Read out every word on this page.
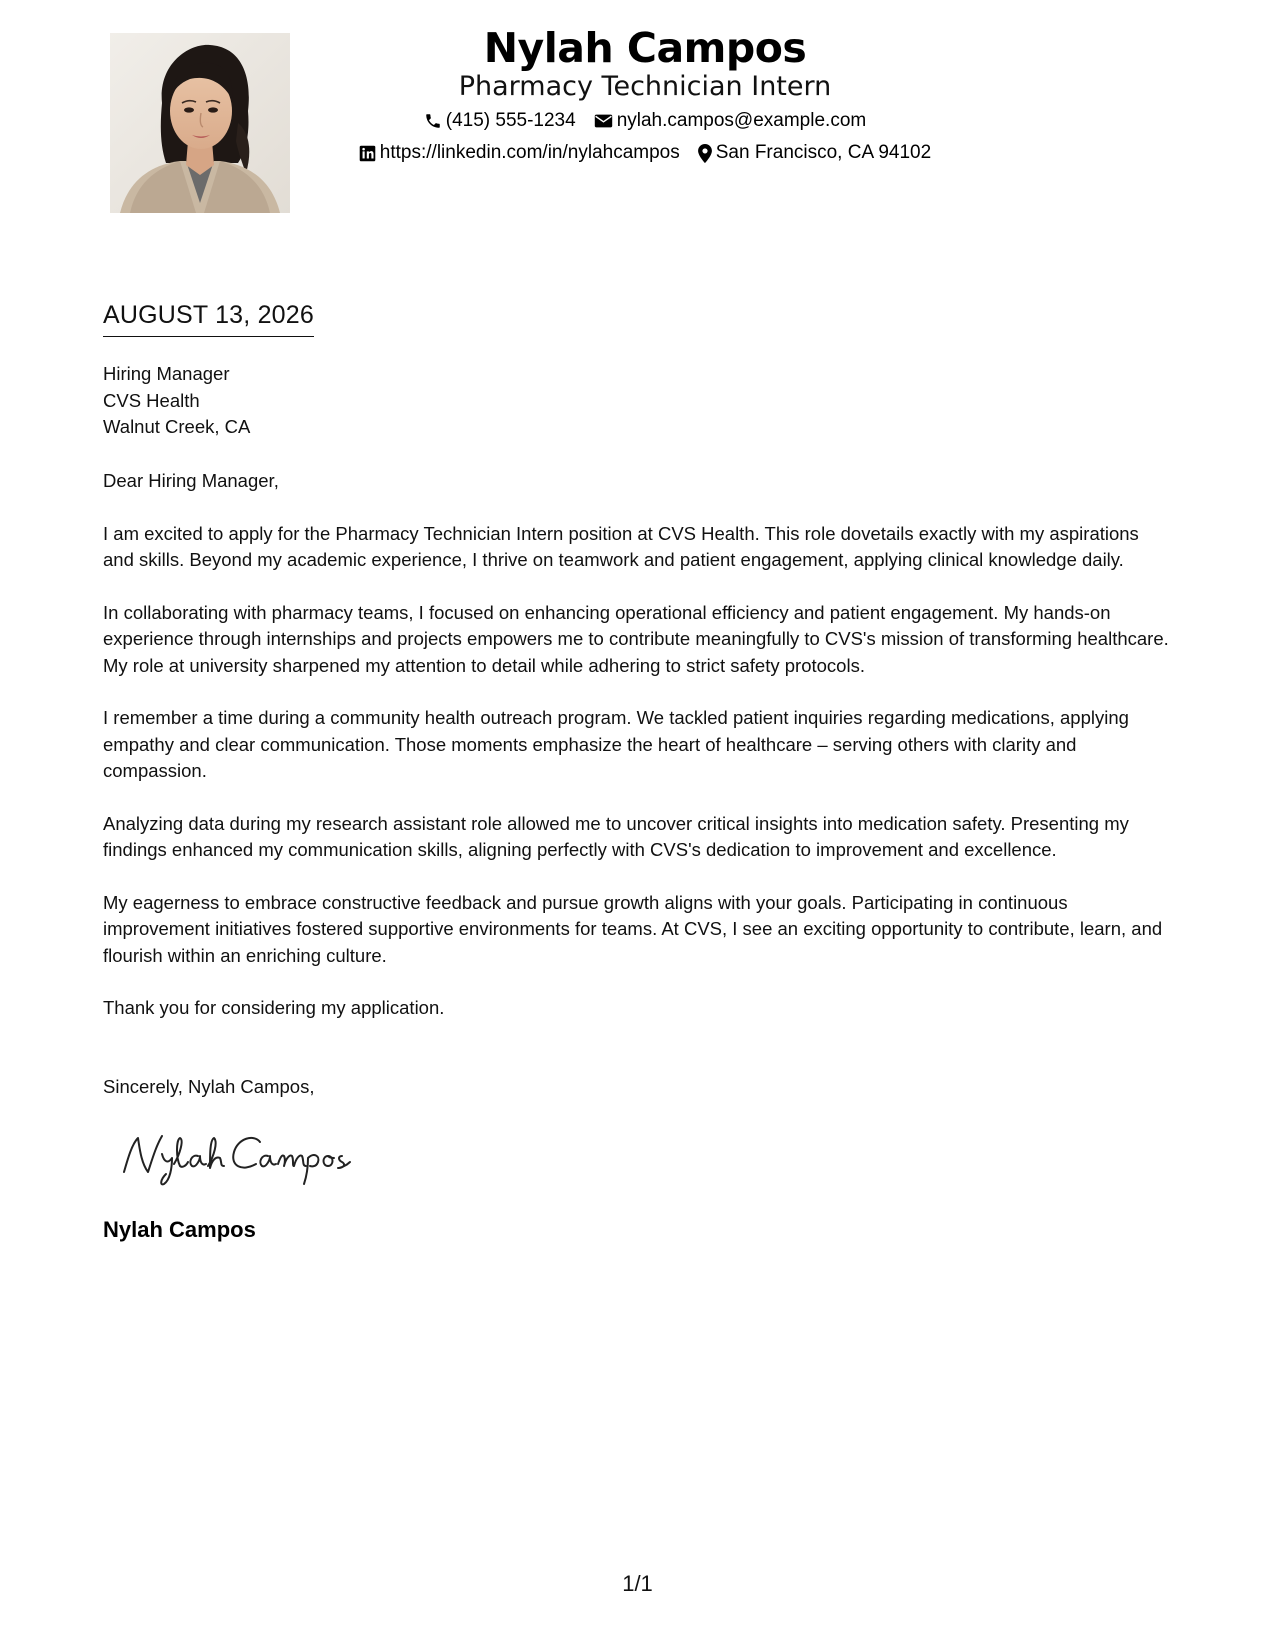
Nylah Campos
Pharmacy Technician Intern
(415) 555-1234 nylah.campos@example.com
https://linkedin.com/in/nylahcampos San Francisco, CA 94102
AUGUST 13, 2026
Hiring Manager
CVS Health
Walnut Creek, CA

Dear Hiring Manager,

I am excited to apply for the Pharmacy Technician Intern position at CVS Health. This role dovetails exactly with my aspirations and skills. Beyond my academic experience, I thrive on teamwork and patient engagement, applying clinical knowledge daily.

In collaborating with pharmacy teams, I focused on enhancing operational efficiency and patient engagement. My hands-on experience through internships and projects empowers me to contribute meaningfully to CVS's mission of transforming healthcare. My role at university sharpened my attention to detail while adhering to strict safety protocols.

I remember a time during a community health outreach program. We tackled patient inquiries regarding medications, applying empathy and clear communication. Those moments emphasize the heart of healthcare – serving others with clarity and compassion.

Analyzing data during my research assistant role allowed me to uncover critical insights into medication safety. Presenting my findings enhanced my communication skills, aligning perfectly with CVS's dedication to improvement and excellence.

My eagerness to embrace constructive feedback and pursue growth aligns with your goals. Participating in continuous improvement initiatives fostered supportive environments for teams. At CVS, I see an exciting opportunity to contribute, learn, and flourish within an enriching culture.

Thank you for considering my application.

Sincerely, Nylah Campos,
Nylah Campos
1/1
